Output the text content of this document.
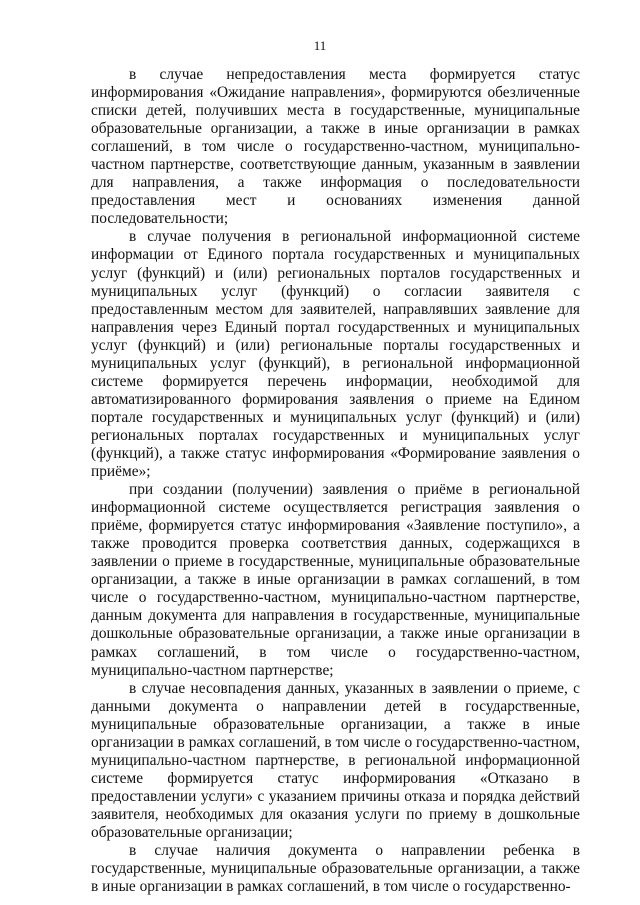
11

в случае непредоставления места формируется статус информирования «Ожидание направления», формируются обезличенные списки детей, получивших места в государственные, муниципальные образовательные организации, а также в иные организации в рамках соглашений, в том числе о государственно-частном, муниципально-частном партнерстве, соответствующие данным, указанным в заявлении для направления, а также информация о последовательности предоставления мест и основаниях изменения данной последовательности;

в случае получения в региональной информационной системе информации от Единого портала государственных и муниципальных услуг (функций) и (или) региональных порталов государственных и муниципальных услуг (функций) о согласии заявителя с предоставленным местом для заявителей, направлявших заявление для направления через Единый портал государственных и муниципальных услуг (функций) и (или) региональные порталы государственных и муниципальных услуг (функций), в региональной информационной системе формируется перечень информации, необходимой для автоматизированного формирования заявления о приеме на Едином портале государственных и муниципальных услуг (функций) и (или) региональных порталах государственных и муниципальных услуг (функций), а также статус информирования «Формирование заявления о приёме»;

при создании (получении) заявления о приёме в региональной информационной системе осуществляется регистрация заявления о приёме, формируется статус информирования «Заявление поступило», а также проводится проверка соответствия данных, содержащихся в заявлении о приеме в государственные, муниципальные образовательные организации, а также в иные организации в рамках соглашений, в том числе о государственно-частном, муниципально-частном партнерстве, данным документа для направления в государственные, муниципальные дошкольные образовательные организации, а также иные организации в рамках соглашений, в том числе о государственно-частном, муниципально-частном партнерстве;

в случае несовпадения данных, указанных в заявлении о приеме, с данными документа о направлении детей в государственные, муниципальные образовательные организации, а также в иные организации в рамках соглашений, в том числе о государственно-частном, муниципально-частном партнерстве, в региональной информационной системе формируется статус информирования «Отказано в предоставлении услуги» с указанием причины отказа и порядка действий заявителя, необходимых для оказания услуги по приему в дошкольные образовательные организации;

в случае наличия документа о направлении ребенка в государственные, муниципальные образовательные организации, а также в иные организации в рамках соглашений, в том числе о государственно-
